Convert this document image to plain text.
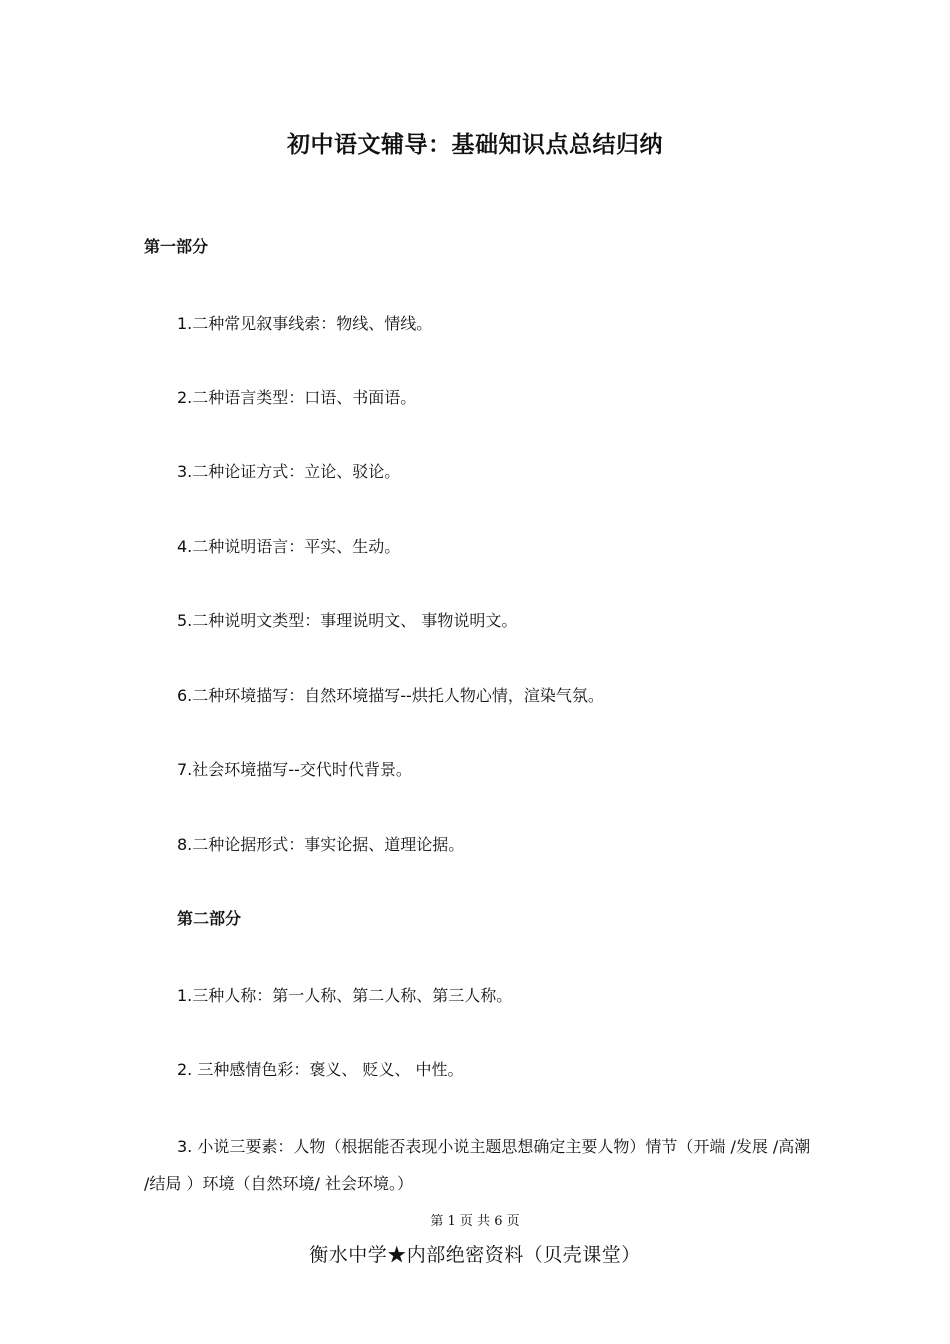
初中语文辅导：基础知识点总结归纳
第一部分

1.二种常见叙事线索：物线、情线。

2.二种语言类型：口语、书面语。

3.二种论证方式：立论、驳论。

4.二种说明语言：平实、生动。

5.二种说明文类型：事理说明文、 事物说明文。

6.二种环境描写：自然环境描写--烘托人物心情，渲染气氛。

7.社会环境描写--交代时代背景。

8.二种论据形式：事实论据、道理论据。

第二部分

1.三种人称：第一人称、第二人称、第三人称。

2. 三种感情色彩：褒义、 贬义、 中性。

3. 小说三要素：人物（根据能否表现小说主题思想确定主要人物）情节（开端 /发展 /高潮 /结局 ）环境（自然环境/ 社会环境。）

第 1 页 共 6 页
衡水中学★内部绝密资料（贝壳课堂）
